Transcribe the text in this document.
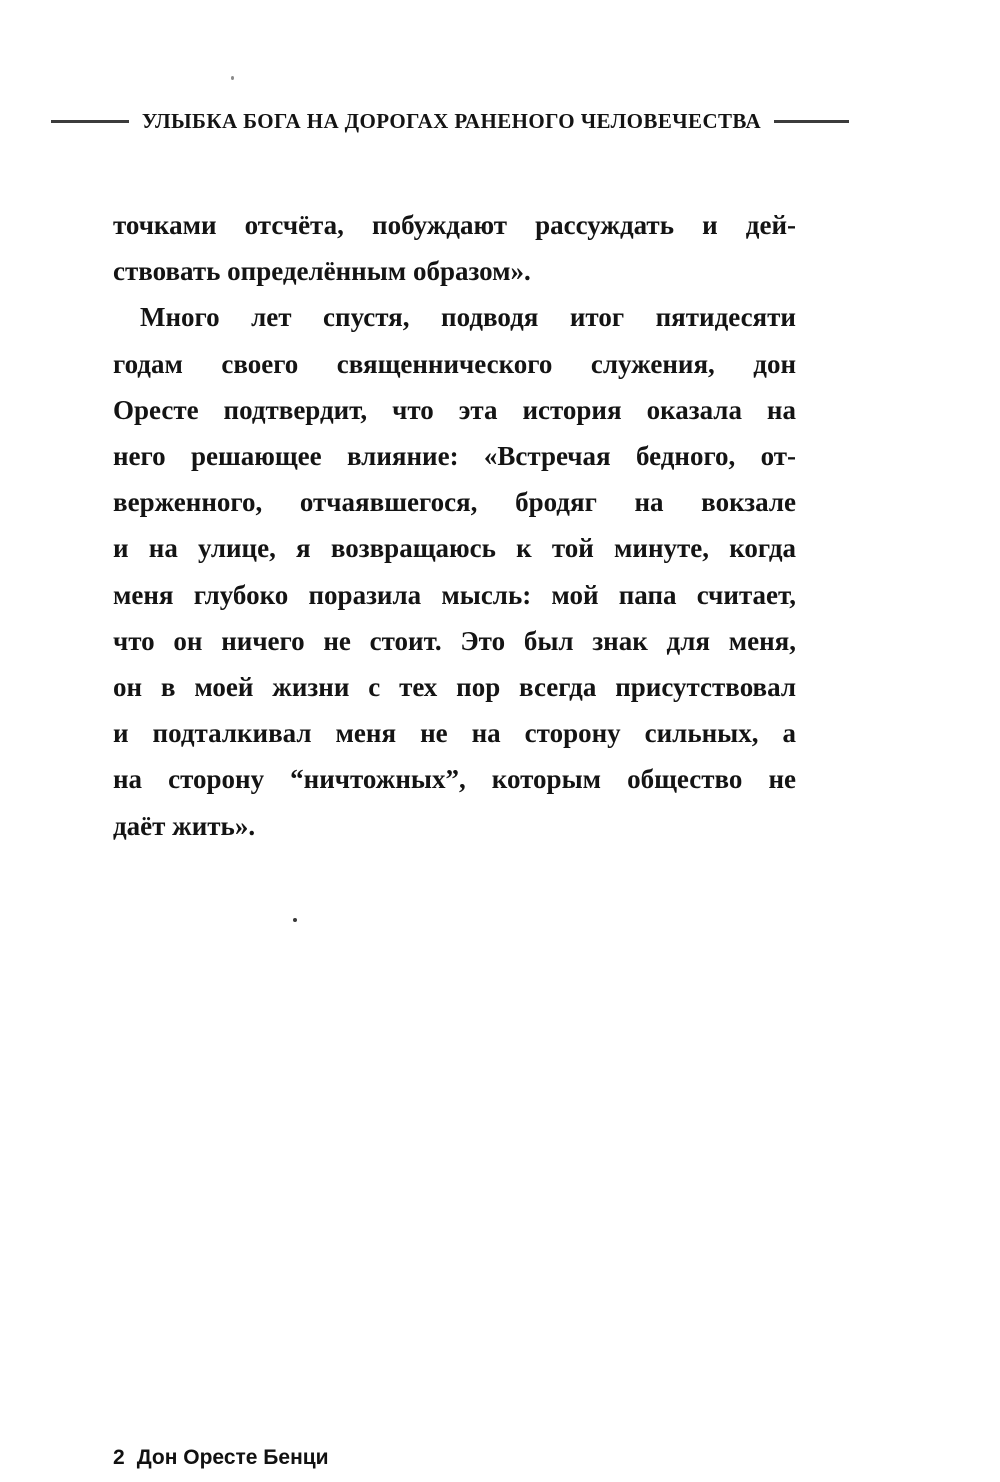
УЛЫБКА БОГА НА ДОРОГАХ РАНЕНОГО ЧЕЛОВЕЧЕСТВА
точками отсчёта, побуждают рассуждать и дей-
ствовать определённым образом».
Много лет спустя, подводя итог пятидесяти
годам своего священнического служения, дон
Оресте подтвердит, что эта история оказала на
него решающее влияние: «Встречая бедного, от-
верженного, отчаявшегося, бродяг на вокзале
и на улице, я возвращаюсь к той минуте, когда
меня глубоко поразила мысль: мой папа считает,
что он ничего не стоит. Это был знак для меня,
он в моей жизни с тех пор всегда присутствовал
и подталкивал меня не на сторону сильных, а
на сторону “ничтожных”, которым общество не
даёт жить».
2 Дон Оресте Бенци
